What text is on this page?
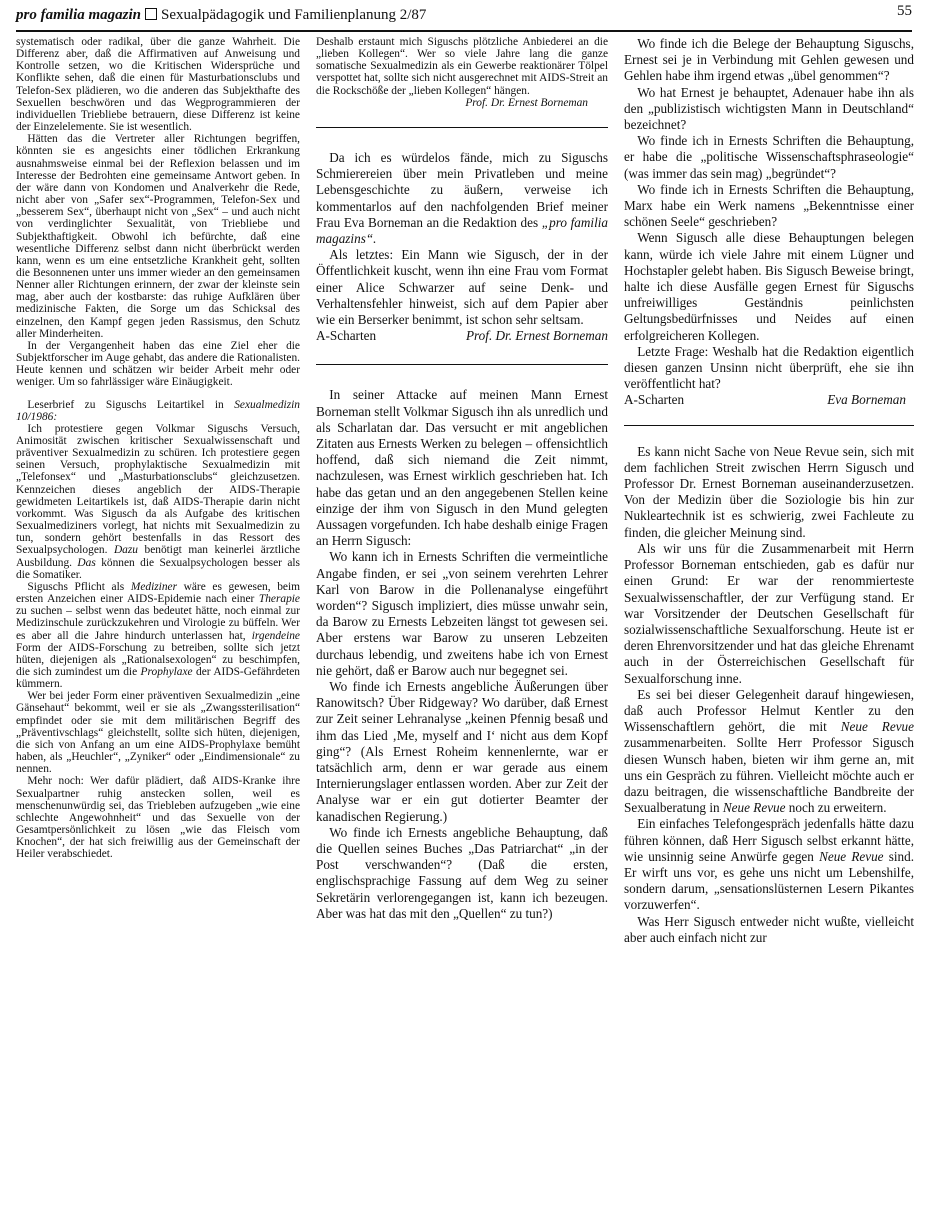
pro familia magazin Sexualpädagogik und Familienplanung 2/87	55

systematisch oder radikal, über die ganze Wahrheit. Die Differenz aber, daß die Affirmativen auf Anweisung und Kontrolle setzen, wo die Kritischen Widersprüche und Konflikte sehen, daß die einen für Masturbationsclubs und Telefon-Sex plädieren, wo die anderen das Subjekthafte des Sexuellen beschwören und das Wegprogrammieren der individuellen Triebliebe betrauern, diese Differenz ist keine der Einzelelemente. Sie ist wesentlich.

Hätten das die Vertreter aller Richtungen begriffen, könnten sie es angesichts einer tödlichen Erkrankung ausnahmsweise einmal bei der Reflexion belassen und im Interesse der Bedrohten eine gemeinsame Antwort geben. In der wäre dann von Kondomen und Analverkehr die Rede, nicht aber von „Safer sex“-Programmen, Telefon-Sex und „besserem Sex“, überhaupt nicht von „Sex“ – und auch nicht von verdinglichter Sexualität, von Triebliebe und Subjekthaftigkeit. Obwohl ich befürchte, daß eine wesentliche Differenz selbst dann nicht überbrückt werden kann, wenn es um eine entsetzliche Krankheit geht, sollten die Besonnenen unter uns immer wieder an den gemeinsamen Nenner aller Richtungen erinnern, der zwar der kleinste sein mag, aber auch der kostbarste: das ruhige Aufklären über medizinische Fakten, die Sorge um das Schicksal des einzelnen, den Kampf gegen jeden Rassismus, den Schutz aller Minderheiten.

In der Vergangenheit haben das eine Ziel eher die Subjektforscher im Auge gehabt, das andere die Rationalisten. Heute kennen und schätzen wir beider Arbeit mehr oder weniger. Um so fahrlässiger wäre Einäugigkeit.

Leserbrief zu Siguschs Leitartikel in Sexualmedizin 10/1986:

Ich protestiere gegen Volkmar Siguschs Versuch, Animosität zwischen kritischer Sexualwissenschaft und präventiver Sexualmedizin zu schüren. Ich protestiere gegen seinen Versuch, prophylaktische Sexualmedizin mit „Telefonsex“ und „Masturbationsclubs“ gleichzusetzen. Kennzeichen dieses angeblich der AIDS-Therapie gewidmeten Leitartikels ist, daß AIDS-Therapie darin nicht vorkommt. Was Sigusch da als Aufgabe des kritischen Sexualmediziners vorlegt, hat nichts mit Sexualmedizin zu tun, sondern gehört bestenfalls in das Ressort des Sexualpsychologen. Dazu benötigt man keinerlei ärztliche Ausbildung. Das können die Sexualpsychologen besser als die Somatiker.

Siguschs Pflicht als Mediziner wäre es gewesen, beim ersten Anzeichen einer AIDS-Epidemie nach einer Therapie zu suchen – selbst wenn das bedeutet hätte, noch einmal zur Medizinschule zurückzukehren und Virologie zu büffeln. Wer es aber all die Jahre hindurch unterlassen hat, irgendeine Form der AIDS-Forschung zu betreiben, sollte sich jetzt hüten, diejenigen als „Rationalsexologen“ zu beschimpfen, die sich zumindest um die Prophylaxe der AIDS-Gefährdeten kümmern.

Wer bei jeder Form einer präventiven Sexualmedizin „eine Gänsehaut“ bekommt, weil er sie als „Zwangssterilisation“ empfindet oder sie mit dem militärischen Begriff des „Präventivschlags“ gleichstellt, sollte sich hüten, diejenigen, die sich von Anfang an um eine AIDS-Prophylaxe bemüht haben, als „Heuchler“, „Zyniker“ oder „Eindimensionale“ zu nennen.

Mehr noch: Wer dafür plädiert, daß AIDS-Kranke ihre Sexualpartner ruhig anstecken sollen, weil es menschenunwürdig sei, das Triebleben aufzugeben „wie eine schlechte Angewohnheit“ und das Sexuelle von der Gesamtpersönlichkeit zu lösen „wie das Fleisch vom Knochen“, der hat sich freiwillig aus der Gemeinschaft der Heiler verabschiedet.

Deshalb erstaunt mich Siguschs plötzliche Anbiederei an die „lieben Kollegen“. Wer so viele Jahre lang die ganze somatische Sexualmedizin als ein Gewerbe reaktionärer Tölpel verspottet hat, sollte sich nicht ausgerechnet mit AIDS-Streit an die Rockschöße der „lieben Kollegen“ hängen.

Prof. Dr. Ernest Borneman

Da ich es würdelos fände, mich zu Siguschs Schmierereien über mein Privatleben und meine Lebensgeschichte zu äußern, verweise ich kommentarlos auf den nachfolgenden Brief meiner Frau Eva Borneman an die Redaktion des „pro familia magazins“.

Als letztes: Ein Mann wie Sigusch, der in der Öffentlichkeit kuscht, wenn ihn eine Frau vom Format einer Alice Schwarzer auf seine Denk- und Verhaltensfehler hinweist, sich auf dem Papier aber wie ein Berserker benimmt, ist schon sehr seltsam.

A-Scharten	Prof. Dr. Ernest Borneman

In seiner Attacke auf meinen Mann Ernest Borneman stellt Volkmar Sigusch ihn als unredlich und als Scharlatan dar. Das versucht er mit angeblichen Zitaten aus Ernests Werken zu belegen – offensichtlich hoffend, daß sich niemand die Zeit nimmt, nachzulesen, was Ernest wirklich geschrieben hat. Ich habe das getan und an den angegebenen Stellen keine einzige der ihm von Sigusch in den Mund gelegten Aussagen vorgefunden. Ich habe deshalb einige Fragen an Herrn Sigusch:

Wo kann ich in Ernests Schriften die vermeintliche Angabe finden, er sei „von seinem verehrten Lehrer Karl von Barow in die Pollenanalyse eingeführt worden“? Sigusch impliziert, dies müsse unwahr sein, da Barow zu Ernests Lebzeiten längst tot gewesen sei. Aber erstens war Barow zu unseren Lebzeiten durchaus lebendig, und zweitens habe ich von Ernest nie gehört, daß er Barow auch nur begegnet sei.

Wo finde ich Ernests angebliche Äußerungen über Ranowitsch? Über Ridgeway? Wo darüber, daß Ernest zur Zeit seiner Lehranalyse „keinen Pfennig besaß und ihm das Lied ‚Me, myself and I‘ nicht aus dem Kopf ging“? (Als Ernest Roheim kennenlernte, war er tatsächlich arm, denn er war gerade aus einem Internierungslager entlassen worden. Aber zur Zeit der Analyse war er ein gut dotierter Beamter der kanadischen Regierung.)

Wo finde ich Ernests angebliche Behauptung, daß die Quellen seines Buches „Das Patriarchat“ „in der Post verschwanden“? (Daß die ersten, englischsprachige Fassung auf dem Weg zu seiner Sekretärin verlorengegangen ist, kann ich bezeugen. Aber was hat das mit den „Quellen“ zu tun?)

Wo finde ich die Belege der Behauptung Siguschs, Ernest sei je in Verbindung mit Gehlen gewesen und Gehlen habe ihm irgend etwas „übel genommen“?

Wo hat Ernest je behauptet, Adenauer habe ihn als den „publizistisch wichtigsten Mann in Deutschland“ bezeichnet?

Wo finde ich in Ernests Schriften die Behauptung, er habe die „politische Wissenschaftsphraseologie“ (was immer das sein mag) „begründet“?

Wo finde ich in Ernests Schriften die Behauptung, Marx habe ein Werk namens „Bekenntnisse einer schönen Seele“ geschrieben?

Wenn Sigusch alle diese Behauptungen belegen kann, würde ich viele Jahre mit einem Lügner und Hochstapler gelebt haben. Bis Sigusch Beweise bringt, halte ich diese Ausfälle gegen Ernest für Siguschs unfreiwilliges Geständnis peinlichsten Geltungsbedürfnisses und Neides auf einen erfolgreicheren Kollegen.

Letzte Frage: Weshalb hat die Redaktion eigentlich diesen ganzen Unsinn nicht überprüft, ehe sie ihn veröffentlicht hat?

A-Scharten	Eva Borneman

Es kann nicht Sache von Neue Revue sein, sich mit dem fachlichen Streit zwischen Herrn Sigusch und Professor Dr. Ernest Borneman auseinanderzusetzen. Von der Medizin über die Soziologie bis hin zur Nukleartechnik ist es schwierig, zwei Fachleute zu finden, die gleicher Meinung sind.

Als wir uns für die Zusammenarbeit mit Herrn Professor Borneman entschieden, gab es dafür nur einen Grund: Er war der renommierteste Sexualwissenschaftler, der zur Verfügung stand. Er war Vorsitzender der Deutschen Gesellschaft für sozialwissenschaftliche Sexualforschung. Heute ist er deren Ehrenvorsitzender und hat das gleiche Ehrenamt auch in der Österreichischen Gesellschaft für Sexualforschung inne.

Es sei bei dieser Gelegenheit darauf hingewiesen, daß auch Professor Helmut Kentler zu den Wissenschaftlern gehört, die mit Neue Revue zusammenarbeiten. Sollte Herr Professor Sigusch diesen Wunsch haben, bieten wir ihm gerne an, mit uns ein Gespräch zu führen. Vielleicht möchte auch er dazu beitragen, die wissenschaftliche Bandbreite der Sexualberatung in Neue Revue noch zu erweitern.

Ein einfaches Telefongespräch jedenfalls hätte dazu führen können, daß Herr Sigusch selbst erkannt hätte, wie unsinnig seine Anwürfe gegen Neue Revue sind. Er wirft uns vor, es gehe uns nicht um Lebenshilfe, sondern darum, „sensationslüsternen Lesern Pikantes vorzuwerfen“.

Was Herr Sigusch entweder nicht wußte, vielleicht aber auch einfach nicht zur
